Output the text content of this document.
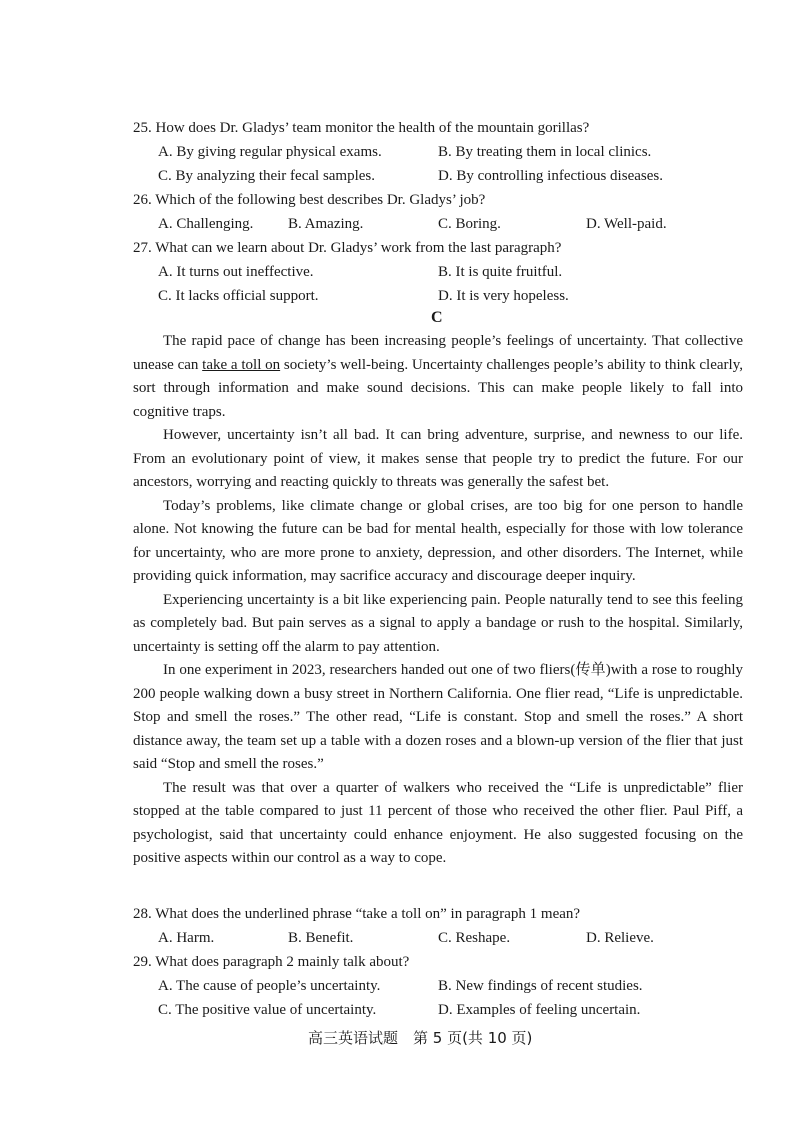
25. How does Dr. Gladys’ team monitor the health of the mountain gorillas?
A. By giving regular physical exams.	B. By treating them in local clinics.
C. By analyzing their fecal samples.	D. By controlling infectious diseases.
26. Which of the following best describes Dr. Gladys’ job?
A. Challenging. B. Amazing.	C. Boring.	D. Well-paid.
27. What can we learn about Dr. Gladys’ work from the last paragraph?
A. It turns out ineffective.	B. It is quite fruitful.
C. It lacks official support.	D. It is very hopeless.
C

The rapid pace of change has been increasing people’s feelings of uncertainty. That collective unease can take a toll on society’s well-being. Uncertainty challenges people’s ability to think clearly, sort through information and make sound decisions. This can make people likely to fall into cognitive traps.

However, uncertainty isn’t all bad. It can bring adventure, surprise, and newness to our life. From an evolutionary point of view, it makes sense that people try to predict the future. For our ancestors, worrying and reacting quickly to threats was generally the safest bet.

Today’s problems, like climate change or global crises, are too big for one person to handle alone. Not knowing the future can be bad for mental health, especially for those with low tolerance for uncertainty, who are more prone to anxiety, depression, and other disorders. The Internet, while providing quick information, may sacrifice accuracy and discourage deeper inquiry.

Experiencing uncertainty is a bit like experiencing pain. People naturally tend to see this feeling as completely bad. But pain serves as a signal to apply a bandage or rush to the hospital. Similarly, uncertainty is setting off the alarm to pay attention.

In one experiment in 2023, researchers handed out one of two fliers(传单)with a rose to roughly 200 people walking down a busy street in Northern California. One flier read, “Life is unpredictable. Stop and smell the roses.” The other read, “Life is constant. Stop and smell the roses.” A short distance away, the team set up a table with a dozen roses and a blown-up version of the flier that just said “Stop and smell the roses.”

The result was that over a quarter of walkers who received the “Life is unpredictable” flier stopped at the table compared to just 11 percent of those who received the other flier. Paul Piff, a psychologist, said that uncertainty could enhance enjoyment. He also suggested focusing on the positive aspects within our control as a way to cope.

28. What does the underlined phrase “take a toll on” in paragraph 1 mean?
A. Harm.	B. Benefit.	C. Reshape.	D. Relieve.
29. What does paragraph 2 mainly talk about?
A. The cause of people’s uncertainty.	B. New findings of recent studies.
C. The positive value of uncertainty.	D. Examples of feeling uncertain.
高三英语试题　第 5 页(共 10 页)
